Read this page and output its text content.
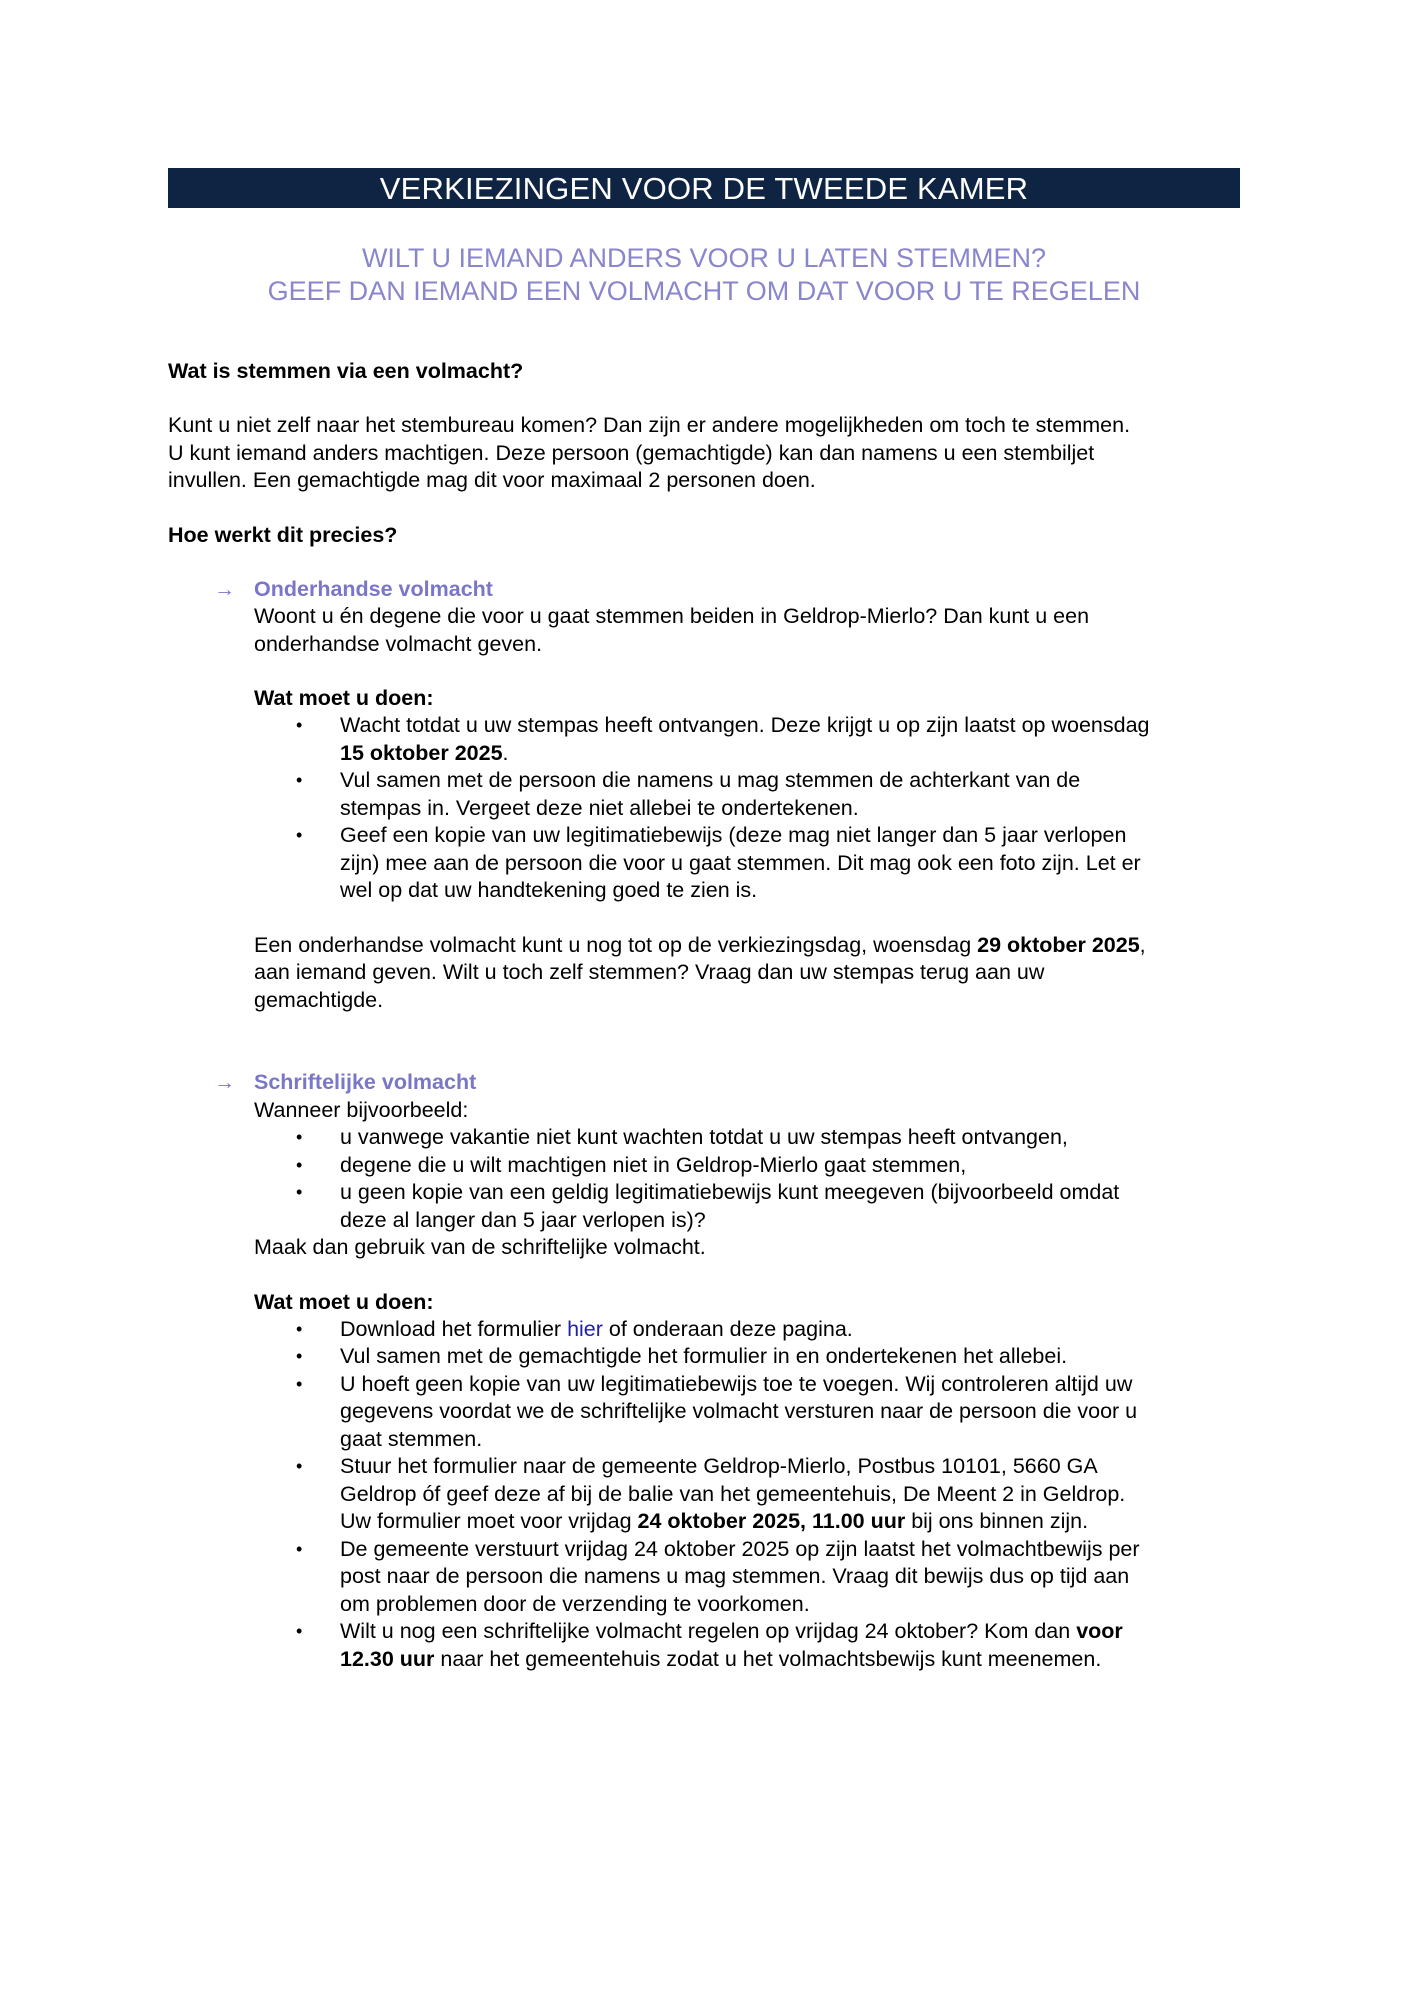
VERKIEZINGEN VOOR DE TWEEDE KAMER
WILT U IEMAND ANDERS VOOR U LATEN STEMMEN?
GEEF DAN IEMAND EEN VOLMACHT OM DAT VOOR U TE REGELEN

Wat is stemmen via een volmacht?

Kunt u niet zelf naar het stembureau komen? Dan zijn er andere mogelijkheden om toch te stemmen.

U kunt iemand anders machtigen. Deze persoon (gemachtigde) kan dan namens u een stembiljet

invullen. Een gemachtigde mag dit voor maximaal 2 personen doen.

Hoe werkt dit precies?

→ Onderhandse volmacht

Woont u én degene die voor u gaat stemmen beiden in Geldrop-Mierlo? Dan kunt u een

onderhandse volmacht geven.

Wat moet u doen:

• Wacht totdat u uw stempas heeft ontvangen. Deze krijgt u op zijn laatst op woensdag

15 oktober 2025.

• Vul samen met de persoon die namens u mag stemmen de achterkant van de

stempas in. Vergeet deze niet allebei te ondertekenen.

• Geef een kopie van uw legitimatiebewijs (deze mag niet langer dan 5 jaar verlopen

zijn) mee aan de persoon die voor u gaat stemmen. Dit mag ook een foto zijn. Let er

wel op dat uw handtekening goed te zien is.

Een onderhandse volmacht kunt u nog tot op de verkiezingsdag, woensdag 29 oktober 2025,

aan iemand geven. Wilt u toch zelf stemmen? Vraag dan uw stempas terug aan uw

gemachtigde.

→ Schriftelijke volmacht

Wanneer bijvoorbeeld:

• u vanwege vakantie niet kunt wachten totdat u uw stempas heeft ontvangen,

• degene die u wilt machtigen niet in Geldrop-Mierlo gaat stemmen,

• u geen kopie van een geldig legitimatiebewijs kunt meegeven (bijvoorbeeld omdat

deze al langer dan 5 jaar verlopen is)?

Maak dan gebruik van de schriftelijke volmacht.

Wat moet u doen:

• Download het formulier hier of onderaan deze pagina.

• Vul samen met de gemachtigde het formulier in en ondertekenen het allebei.

• U hoeft geen kopie van uw legitimatiebewijs toe te voegen. Wij controleren altijd uw

gegevens voordat we de schriftelijke volmacht versturen naar de persoon die voor u

gaat stemmen.

• Stuur het formulier naar de gemeente Geldrop-Mierlo, Postbus 10101, 5660 GA

Geldrop óf geef deze af bij de balie van het gemeentehuis, De Meent 2 in Geldrop.

Uw formulier moet voor vrijdag 24 oktober 2025, 11.00 uur bij ons binnen zijn.

• De gemeente verstuurt vrijdag 24 oktober 2025 op zijn laatst het volmachtbewijs per

post naar de persoon die namens u mag stemmen. Vraag dit bewijs dus op tijd aan

om problemen door de verzending te voorkomen.

• Wilt u nog een schriftelijke volmacht regelen op vrijdag 24 oktober? Kom dan voor

12.30 uur naar het gemeentehuis zodat u het volmachtsbewijs kunt meenemen.
